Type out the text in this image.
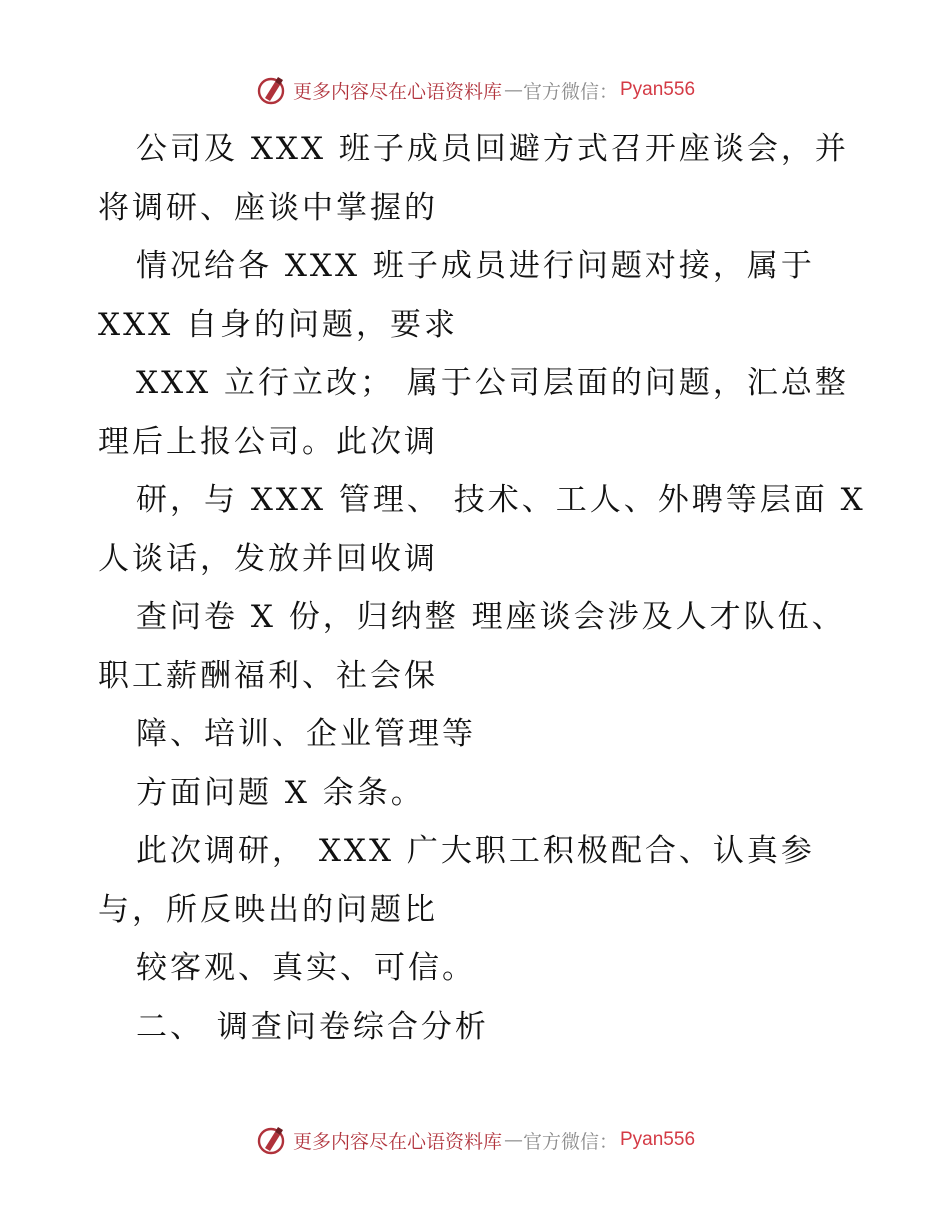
更多内容尽在心语资料库 — 官方微信： Pyan556
公司及 XXX 班子成员回避方式召开座谈会，并
将调研、座谈中掌握的
情况给各 XXX 班子成员进行问题对接，属于
XXX 自身的问题，要求
XXX 立行立改； 属于公司层面的问题，汇总整
理后上报公司。此次调
研，与 XXX 管理、 技术、工人、外聘等层面 X
人谈话，发放并回收调
查问卷 X 份，归纳整 理座谈会涉及人才队伍、
职工薪酬福利、社会保
障、培训、企业管理等
方面问题 X 余条。
此次调研， XXX 广大职工积极配合、认真参
与，所反映出的问题比
较客观、真实、可信。
二、 调查问卷综合分析
更多内容尽在心语资料库 — 官方微信： Pyan556
